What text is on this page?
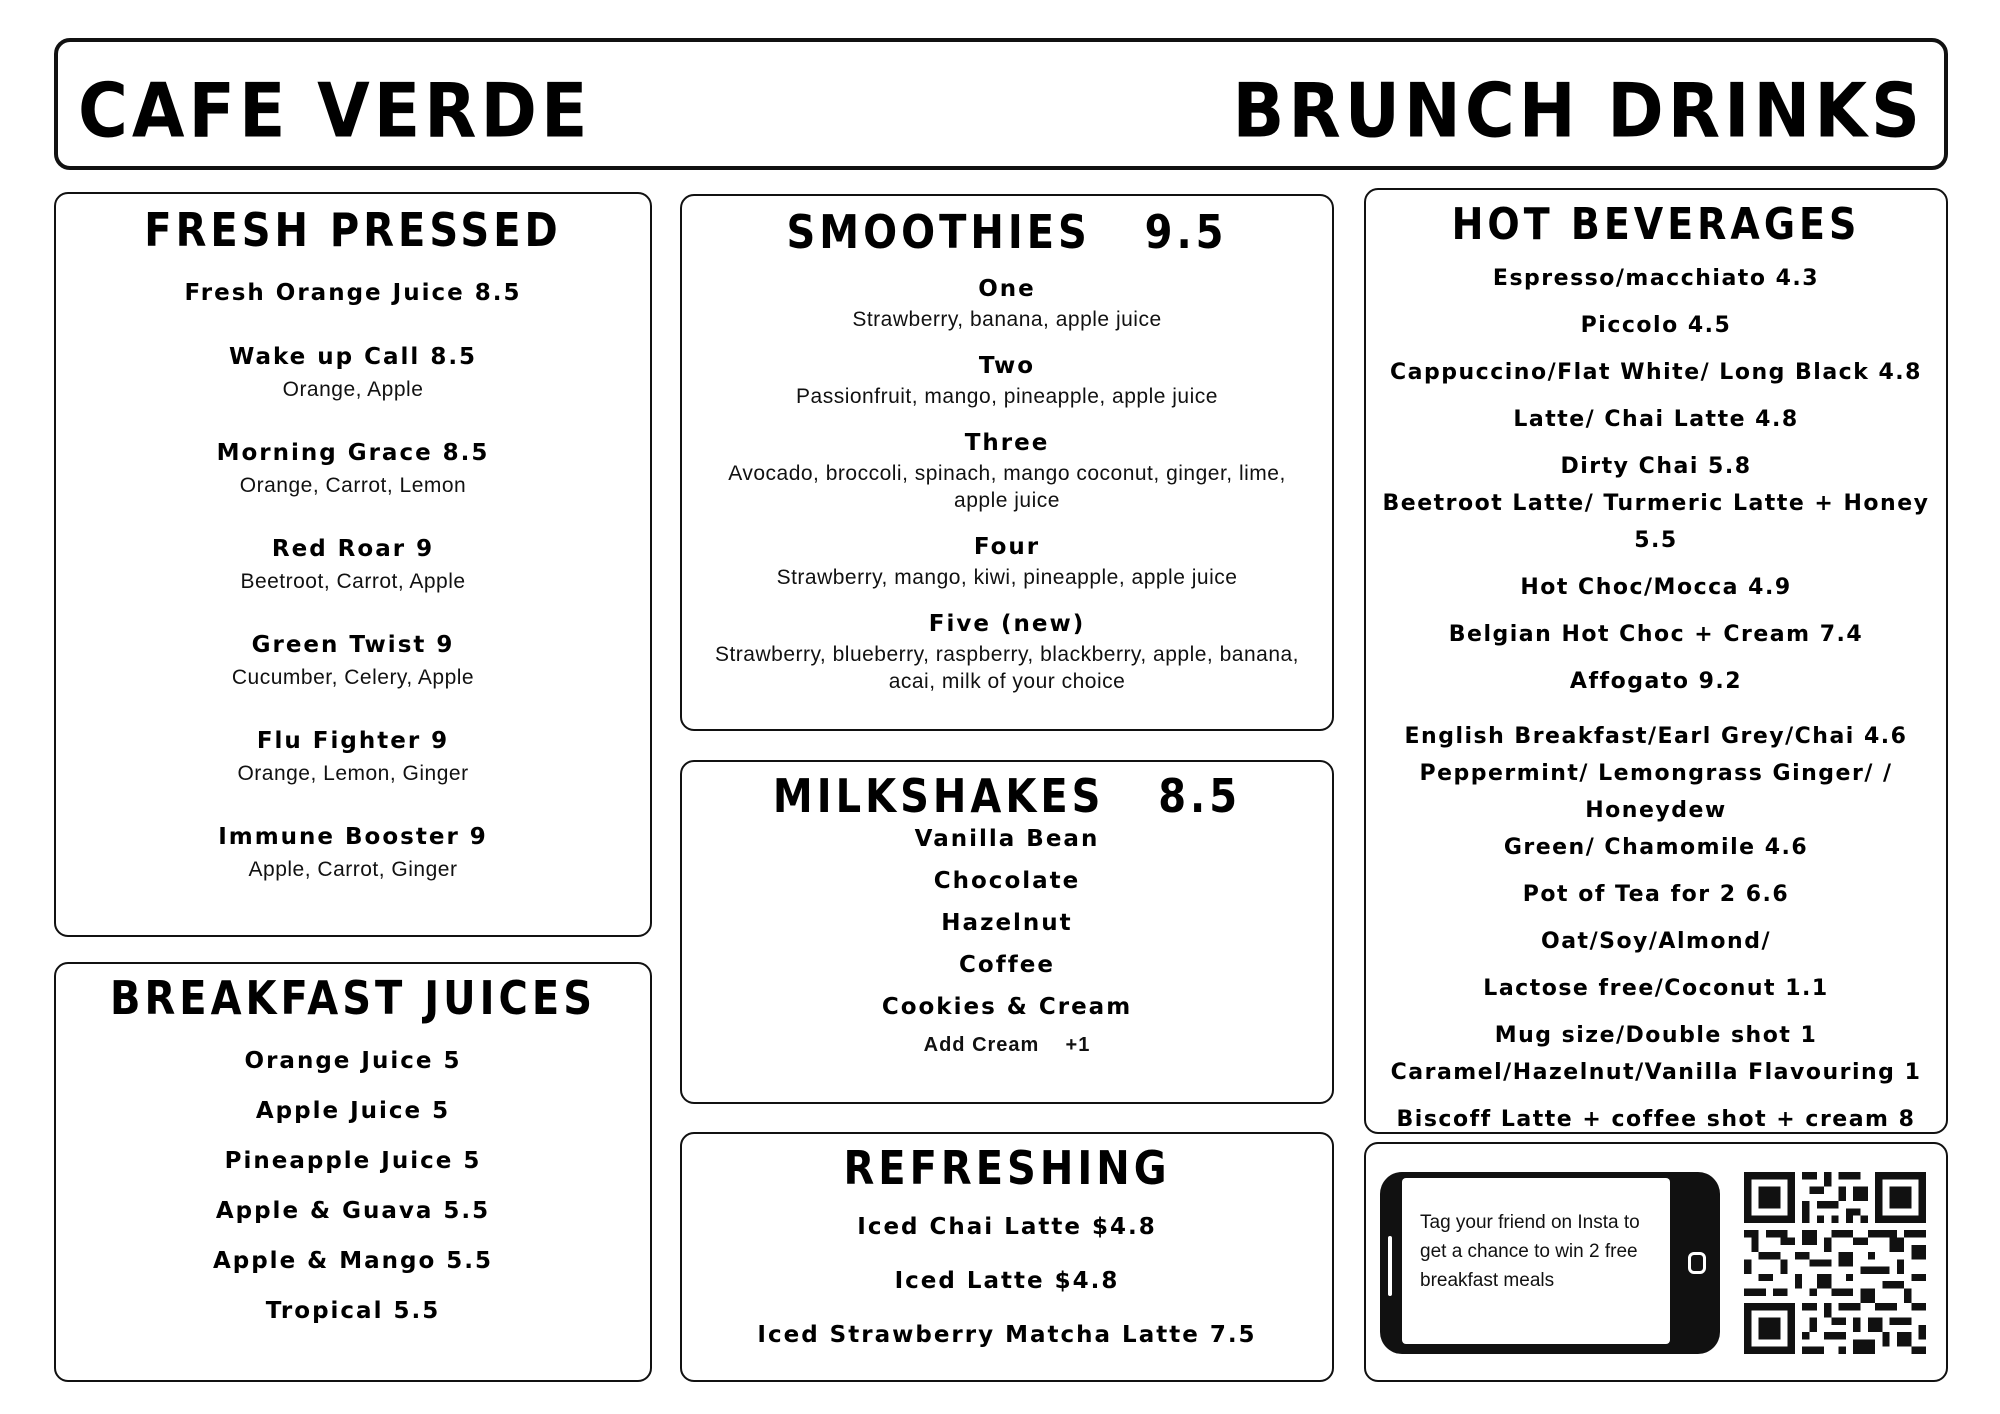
CAFE VERDE	BRUNCH DRINKS
FRESH PRESSED
Fresh Orange Juice 8.5
Wake up Call 8.5
Orange, Apple
Morning Grace 8.5
Orange, Carrot, Lemon
Red Roar 9
Beetroot, Carrot, Apple
Green Twist 9
Cucumber, Celery, Apple
Flu Fighter 9
Orange, Lemon, Ginger
Immune Booster 9
Apple, Carrot, Ginger
BREAKFAST JUICES
Orange Juice 5
Apple Juice 5
Pineapple Juice 5
Apple & Guava 5.5
Apple & Mango 5.5
Tropical 5.5
SMOOTHIES   9.5
One
Strawberry, banana, apple juice
Two
Passionfruit, mango, pineapple, apple juice
Three
Avocado, broccoli, spinach, mango coconut, ginger, lime, apple juice
Four
Strawberry, mango, kiwi, pineapple, apple juice
Five (new)
Strawberry, blueberry, raspberry, blackberry, apple, banana, acai, milk of your choice
MILKSHAKES   8.5
Vanilla Bean
Chocolate
Hazelnut
Coffee
Cookies & Cream
Add Cream    +1
REFRESHING
Iced Chai Latte $4.8
Iced Latte $4.8
Iced Strawberry Matcha Latte 7.5
HOT BEVERAGES
Espresso/macchiato 4.3
Piccolo 4.5
Cappuccino/Flat White/ Long Black 4.8
Latte/ Chai Latte 4.8
Dirty Chai 5.8
Beetroot Latte/ Turmeric Latte + Honey 5.5
Hot Choc/Mocca 4.9
Belgian Hot Choc + Cream 7.4
Affogato 9.2
English Breakfast/Earl Grey/Chai 4.6
Peppermint/ Lemongrass Ginger/ / Honeydew
Green/ Chamomile 4.6
Pot of Tea for 2 6.6
Oat/Soy/Almond/
Lactose free/Coconut 1.1
Mug size/Double shot 1
Caramel/Hazelnut/Vanilla Flavouring 1
Biscoff Latte + coffee shot + cream 8
Tag your friend on Insta to get a chance to win 2 free breakfast meals
